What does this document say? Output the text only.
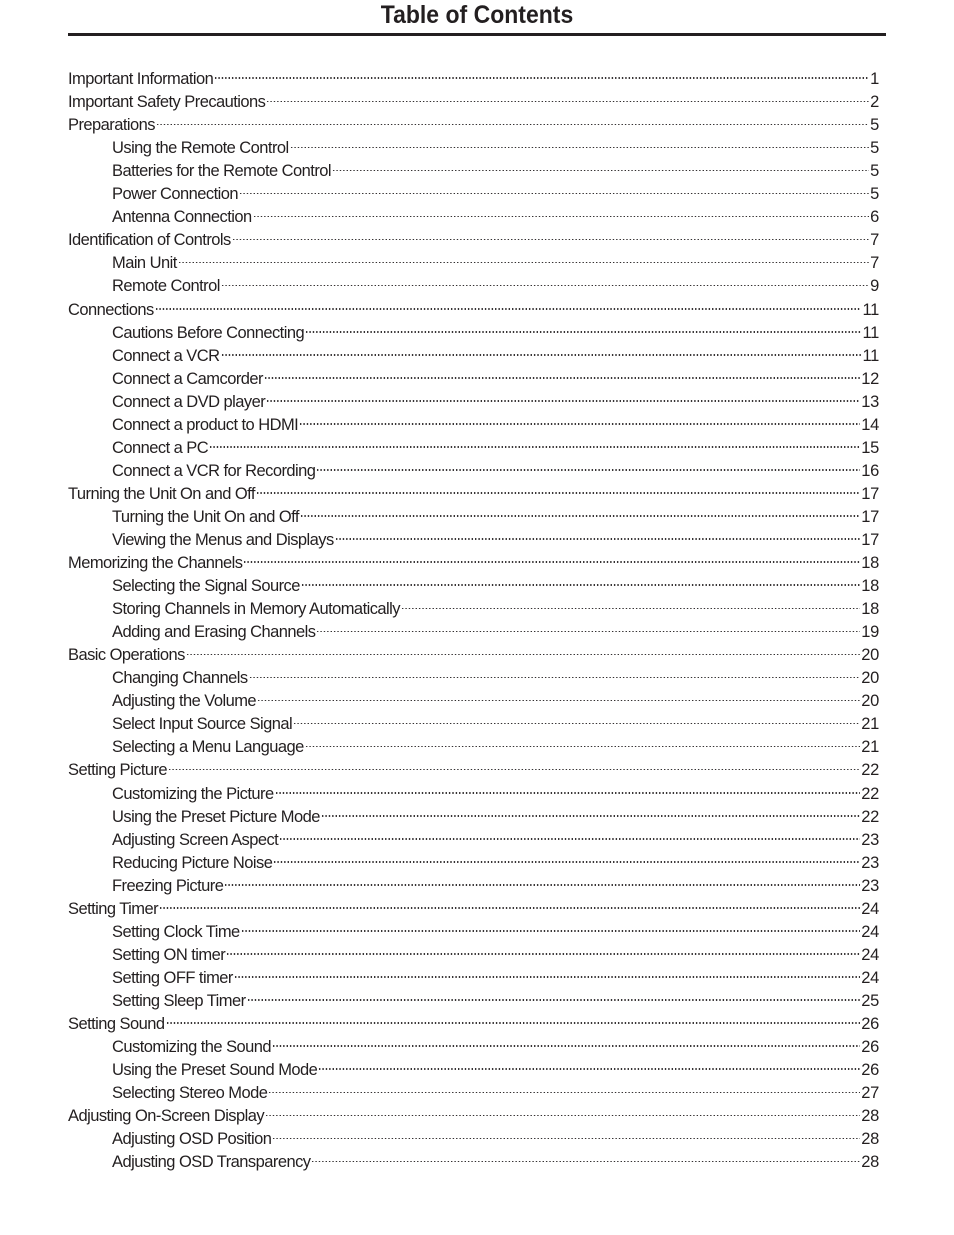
Table of Contents
Important Information	1
Important Safety Precautions	2
Preparations	5
Using the Remote Control	5
Batteries for the Remote Control	5
Power Connection	5
Antenna Connection	6
Identification of Controls	7
Main Unit	7
Remote Control	9
Connections	11
Cautions Before Connecting	11
Connect a VCR	11
Connect a Camcorder	12
Connect a DVD player	13
Connect a product to HDMI	14
Connect a PC	15
Connect a VCR for Recording	16
Turning the Unit On and Off	17
Turning the Unit On and Off	17
Viewing the Menus and Displays	17
Memorizing the Channels	18
Selecting the Signal Source	18
Storing Channels in Memory Automatically	18
Adding and Erasing Channels	19
Basic Operations	20
Changing Channels	20
Adjusting the Volume	20
Select Input Source Signal	21
Selecting a Menu Language	21
Setting Picture	22
Customizing the Picture	22
Using the Preset Picture Mode	22
Adjusting Screen Aspect	23
Reducing Picture Noise	23
Freezing Picture	23
Setting Timer	24
Setting Clock Time	24
Setting ON timer	24
Setting OFF timer	24
Setting Sleep Timer	25
Setting Sound	26
Customizing the Sound	26
Using the Preset Sound Mode	26
Selecting Stereo Mode	27
Adjusting On-Screen Display	28
Adjusting OSD Position	28
Adjusting OSD Transparency	28
